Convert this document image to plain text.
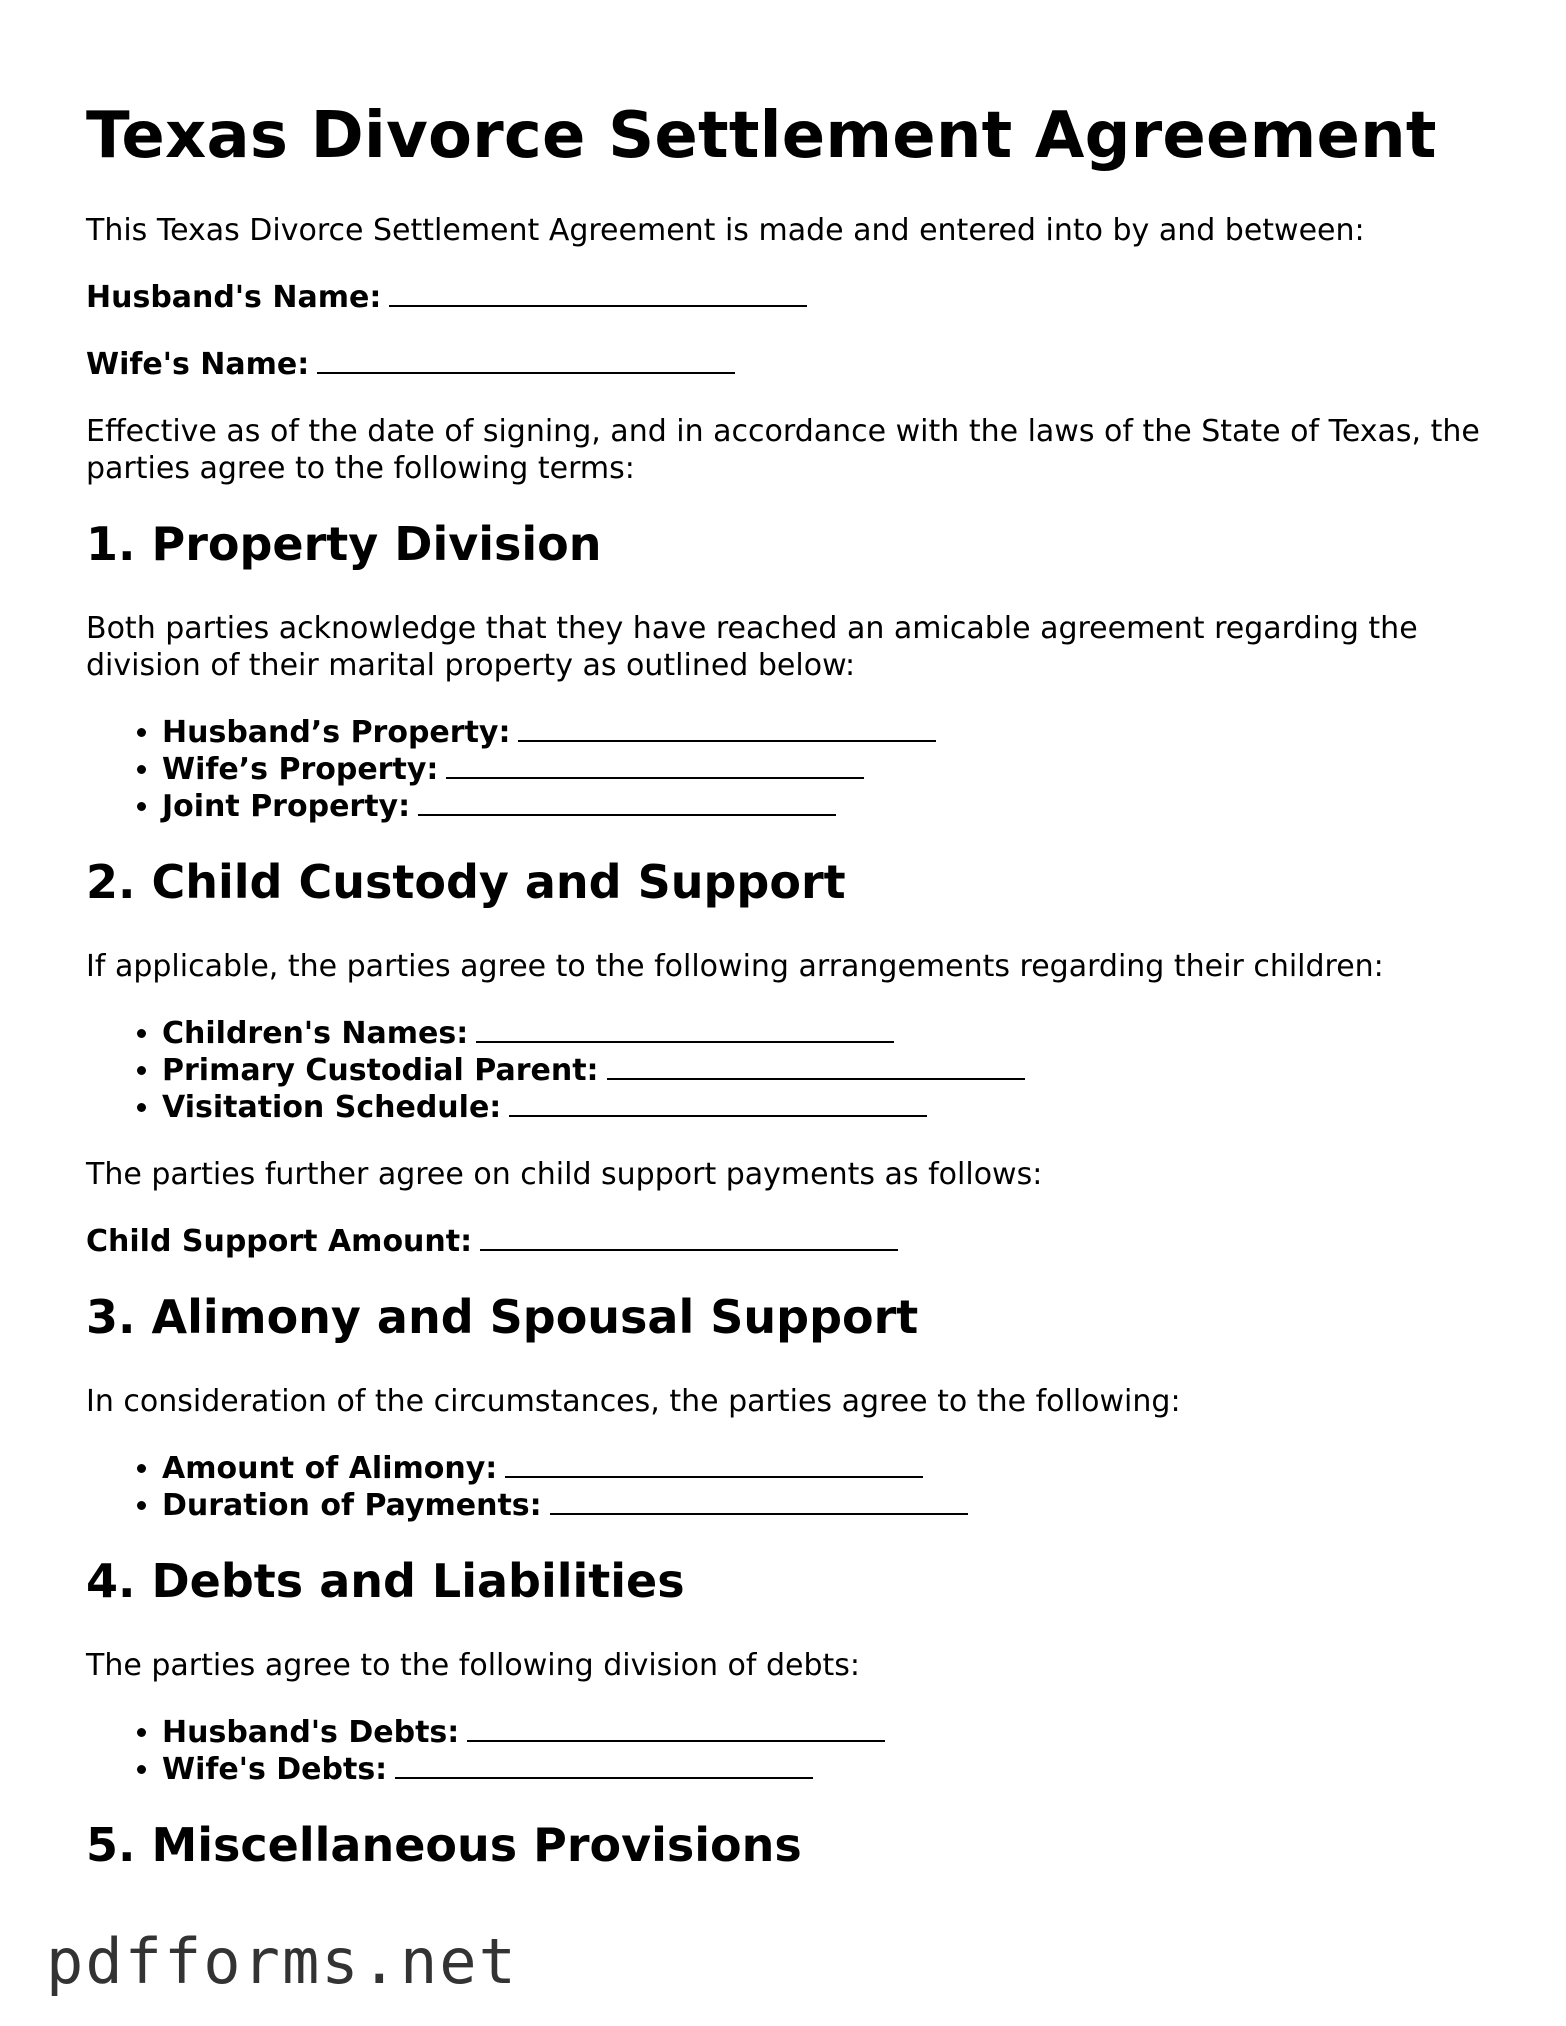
Texas Divorce Settlement Agreement

This Texas Divorce Settlement Agreement is made and entered into by and between:

Husband's Name:
Wife's Name:

Effective as of the date of signing, and in accordance with the laws of the State of Texas, the parties agree to the following terms:

1. Property Division

Both parties acknowledge that they have reached an amicable agreement regarding the division of their marital property as outlined below:

• Husband’s Property:
• Wife’s Property:
• Joint Property:
2. Child Custody and Support

If applicable, the parties agree to the following arrangements regarding their children:

• Children's Names:
• Primary Custodial Parent:
• Visitation Schedule:

The parties further agree on child support payments as follows:

Child Support Amount:
3. Alimony and Spousal Support

In consideration of the circumstances, the parties agree to the following:

• Amount of Alimony:
• Duration of Payments:
4. Debts and Liabilities

The parties agree to the following division of debts:

• Husband's Debts:
• Wife's Debts:
5. Miscellaneous Provisions
pdfforms.net
